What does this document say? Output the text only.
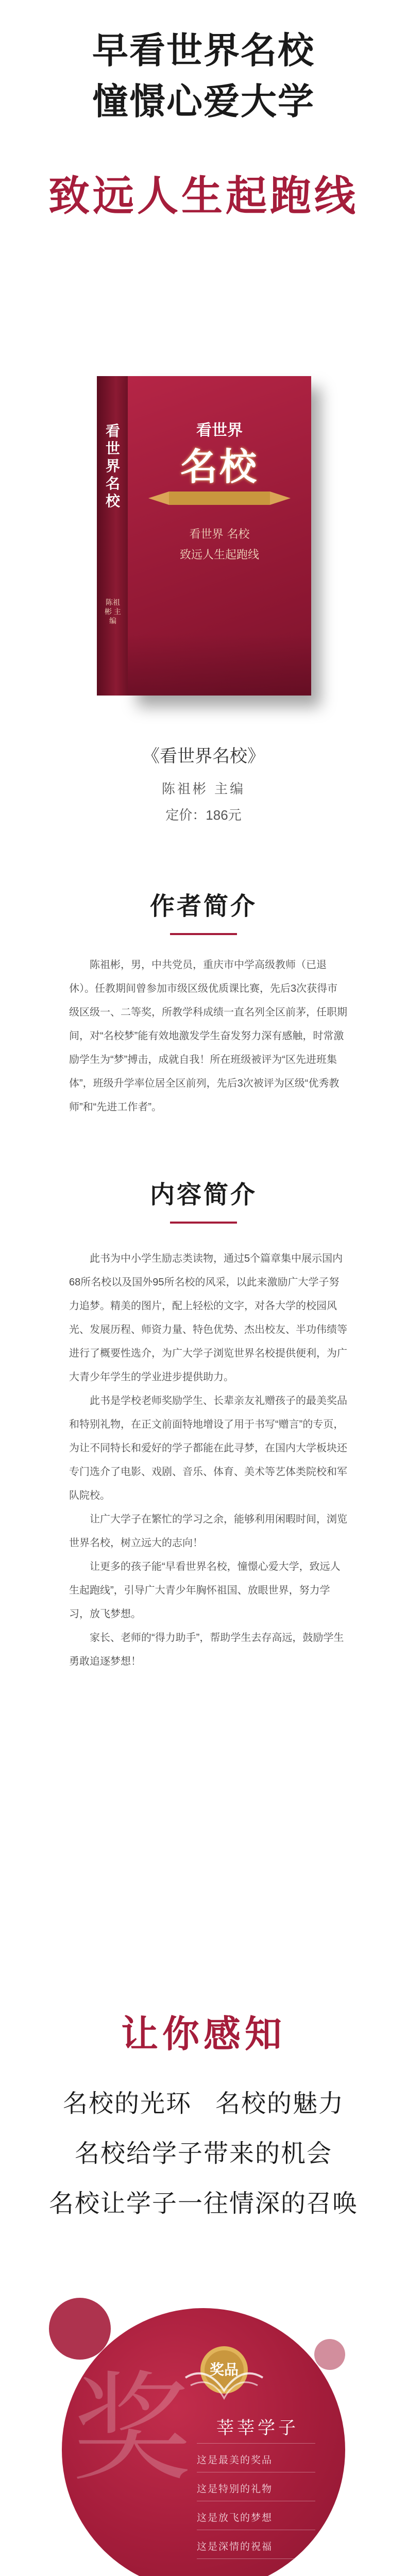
早看世界名校
憧憬心爱大学
致远人生起跑线
看世界名校
陈祖彬 主编
看世界
名校
看世界 名校
致远人生起跑线
《看世界名校》
陈祖彬 主编
定价：186元
作者简介

陈祖彬，男，中共党员，重庆市中学高级教师（已退休）。任教期间曾参加市级区级优质课比赛，先后3次获得市级区级一、二等奖，所教学科成绩一直名列全区前茅，任职期间，对“名校梦”能有效地激发学生奋发努力深有感触，时常激励学生为“梦”搏击，成就自我！所在班级被评为“区先进班集体”，班级升学率位居全区前列，先后3次被评为区级“优秀教师”和“先进工作者”。

内容简介

此书为中小学生励志类读物，通过5个篇章集中展示国内68所名校以及国外95所名校的风采，以此来激励广大学子努力追梦。精美的图片，配上轻松的文字，对各大学的校园风光、发展历程、师资力量、特色优势、杰出校友、半功伟绩等进行了概要性选介，为广大学子浏览世界名校提供便利，为广大青少年学生的学业进步提供助力。

此书是学校老师奖励学生、长辈亲友礼赠孩子的最美奖品和特别礼物，在正文前面特地增设了用于书写“赠言”的专页，为让不同特长和爱好的学子都能在此寻梦，在国内大学板块还专门选介了电影、戏剧、音乐、体育、美术等艺体类院校和军队院校。

让广大学子在繁忙的学习之余，能够利用闲暇时间，浏览世界名校，树立远大的志向！

让更多的孩子能“早看世界名校，憧憬心爱大学，致远人生起跑线”，引导广大青少年胸怀祖国、放眼世界，努力学习，放飞梦想。

家长、老师的“得力助手”，帮助学生去存高远，鼓励学生勇敢追逐梦想！

让你感知
名校的光环   名校的魅力
名校给学子带来的机会
名校让学子一往情深的召唤
奖	奖品
莘莘学子
这是最美的奖品
这是特别的礼物
这是放飞的梦想
这是深情的祝福
